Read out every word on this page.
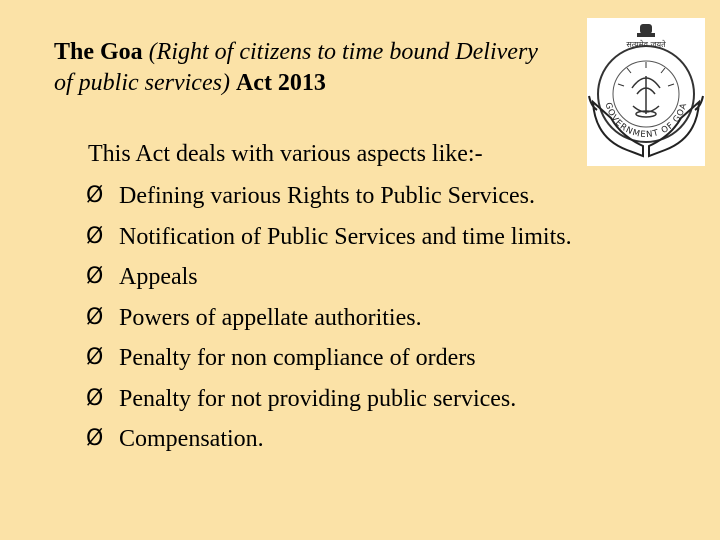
The Goa (Right of citizens to time bound Delivery of public services) Act 2013
सत्यमेव जयते
GOVERNMENT OF GOA
This Act deals with various aspects like:-
Ø Defining various Rights to Public Services.
Ø Notification of Public Services and time limits.
Ø Appeals
Ø Powers of appellate authorities.
Ø Penalty for non compliance of orders
Ø Penalty for not providing public services.
Ø Compensation.
